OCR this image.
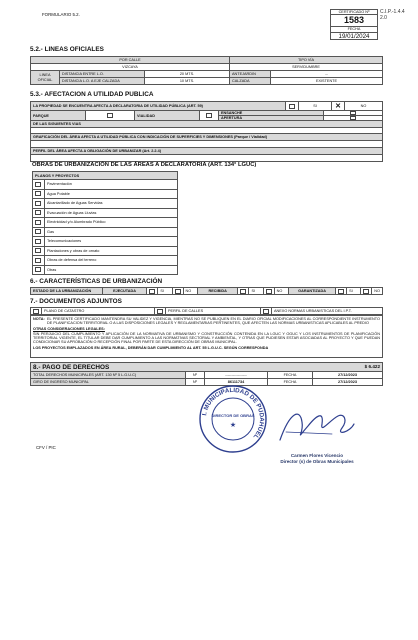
FORMULARIO 5.2.	CERTIFICADO Nº
1583
FECHA
19/01/2024
C.I.P.-1.4.4
2.0
5.2.- LINEAS OFICIALES
POR CALLE			TIPO VÍA	
VIZCAYA			SERVIDUMBRE	

LINEA
OFICIAL	DISTANCIA ENTRE L.O.	20 MTS.	ANTEJARDIN	--
	DISTANCIA L.O. A EJE CALZADA	10 MTS.	CALZADA	EXISTENTE
5.3.- AFECTACION A UTILIDAD PUBLICA
LA PROPIEDAD SE ENCUENTRA AFECTA A DECLARATORIA DE UTILIDAD PÚBLICA (ART. 59)		SI	✕	NO
PARQUE		VIALIDAD		ENSANCHE	
				APERTURA	
DE LAS SIGUIENTES VIAS					

GRAFICACIÓN DEL ÁREA AFECTA A UTILIDAD PÚBLICA CON INDICACIÓN DE SUPERFICIES Y DIMENSIONES (Parque / Vialidad)					

PERFIL DEL ÁREA AFECTA A OBLIGACIÓN DE URBANIZAR (Art. 2.2.4)					

OBRAS DE URBANIZACIÓN DE LAS ÁREAS A DECLARATORIA (ART. 134° LGUC)
PLANOS Y PROYECTOS	
	Pavimentación
	Agua Potable
	Alcantarillado de Aguas Servidas
	Evacuación de Aguas Lluvias
	Electricidad y/o Alumbrado Público
	Gas
	Telecomunicaciones
	Plantaciones y obras de ornato
	Obras de defensa del terreno
	Otras
6.- CARACTERÍSTICAS DE URBANIZACIÓN
ESTADO DE LA URBANIZACIÓN	EJECUTADA		SI		NO	RECIBIDA		SI		NO	GARANTIZADA		SI		NO
7.- DOCUMENTOS ADJUNTOS
	PLANO DE CATASTRO		PERFIL DE CALLES		ANEXO NORMAS URBANISTICAS DEL I.P.T.
NOTA: EL PRESENTE CERTIFICADO MANTENDRA SU VALIDEZ Y VIGENCIA, MIENTRAS NO SE PUBLIQUEN EN EL DIARIO OFICIAL MODIFICACIONES AL CORRESPONDIENTE INSTRUMENTO DE PLANIFICACION TERRITORIAL O A LAS DISPOSICIONES LEGALES Y REGLAMENTARIAS PERTINENTES, QUE AFECTEN LAS NORMAS URBANISTICAS APLICABLES AL PREDIO
OTRAS CONSIDERACIONES LEGALES:
SIN PERJUICIO DEL CUMPLIMIENTO Y APLICACIÓN DE LA NORMATIVA DE URBANISMO Y CONSTRUCCIÓN CONTENIDA EN LA LGUC Y OGUC Y LOS INSTRUMENTOS DE PLANIFICACIÓN TERRITORIAL VIGENTE, EL TITULAR DEBE DAR CUMPLIMIENTO A LAS NORMATIVAS SECTORIAL Y AMBIENTAL, Y OTRAS QUE PUDIESEN ESTAR ASOCIADAS AL PROYECTO Y QUE PUEDAN CONDICIONAR SU APROBACIÓN O RECEPCIÓN FINAL POR PARTE DE ESTA DIRECCIÓN DE OBRAS MUNICIPAL.
LOS PROYECTOS EMPLAZADOS EN ÁREA RURAL, DEBERÁN DAR CUMPLIMIENTO AL ART. 55 L.G.U.C. SEGÚN CORRESPONDA
8.- PAGO DE DERECHOS $ 6.422				

TOTAL DERECHOS MUNICIPALES (ART. 130 Nº 5 L.G.U.C)	Nº	-----------------	FECHA	27/12/2023
GIRO DE INGRESO MUNICIPAL	Nº	86111734	FECHA	27/12/2023
I. MUNICIPALIDAD DE PUDAHUEL
DIRECTOR DE OBRAS
★
Carmen Flores Vicencio
Director (s) de Obras Municipales
CFV / PIC
